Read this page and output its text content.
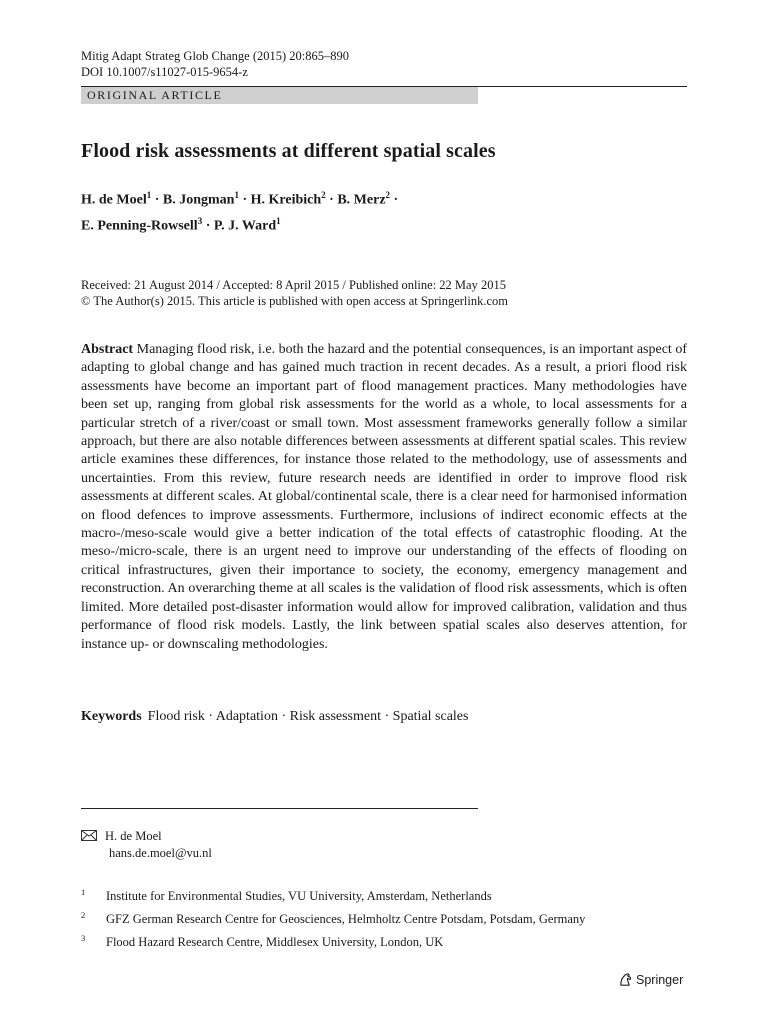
Mitig Adapt Strateg Glob Change (2015) 20:865–890
DOI 10.1007/s11027-015-9654-z
ORIGINAL ARTICLE
Flood risk assessments at different spatial scales
H. de Moel$^1$ · B. Jongman$^1$ · H. Kreibich$^2$ · B. Merz$^2$ ·
E. Penning-Rowsell$^3$ · P. J. Ward$^1$
Received: 21 August 2014 / Accepted: 8 April 2015 / Published online: 22 May 2015
© The Author(s) 2015. This article is published with open access at Springerlink.com

Abstract Managing flood risk, i.e. both the hazard and the potential consequences, is an important aspect of adapting to global change and has gained much traction in recent decades. As a result, a priori flood risk assessments have become an important part of flood management practices. Many methodologies have been set up, ranging from global risk assessments for the world as a whole, to local assessments for a particular stretch of a river/coast or small town. Most assessment frameworks generally follow a similar approach, but there are also notable differences between assessments at different spatial scales. This review article examines these differences, for instance those related to the methodology, use of assessments and uncertainties. From this review, future research needs are identified in order to improve flood risk assessments at different scales. At global/continental scale, there is a clear need for harmonised information on flood defences to improve assessments. Furthermore, inclusions of indirect economic effects at the macro-/meso-scale would give a better indication of the total effects of catastrophic flooding. At the meso-/micro-scale, there is an urgent need to improve our understanding of the effects of flooding on critical infrastructures, given their importance to society, the economy, emergency management and reconstruction. An overarching theme at all scales is the validation of flood risk assessments, which is often limited. More detailed post-disaster information would allow for improved calibration, validation and thus performance of flood risk models. Lastly, the link between spatial scales also deserves attention, for instance up- or downscaling methodologies.

Keywords Flood risk · Adaptation · Risk assessment · Spatial scales
H. de Moel
hans.de.moel@vu.nl
1 Institute for Environmental Studies, VU University, Amsterdam, Netherlands
2 GFZ German Research Centre for Geosciences, Helmholtz Centre Potsdam, Potsdam, Germany
3 Flood Hazard Research Centre, Middlesex University, London, UK
Springer
